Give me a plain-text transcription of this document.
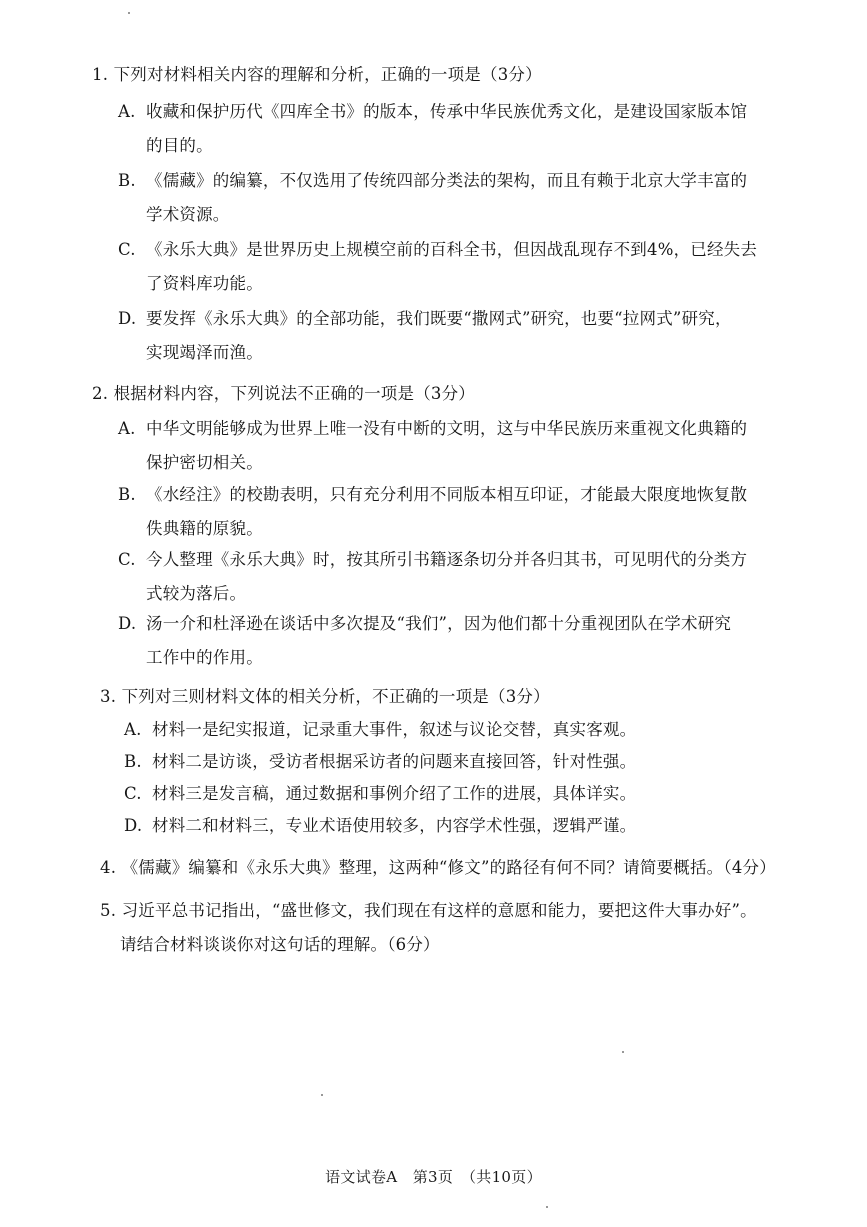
1. 下列对材料相关内容的理解和分析，正确的一项是（3分）
A. 收藏和保护历代《四库全书》的版本，传承中华民族优秀文化，是建设国家版本馆
的目的。
B. 《儒藏》的编纂，不仅选用了传统四部分类法的架构，而且有赖于北京大学丰富的
学术资源。
C. 《永乐大典》是世界历史上规模空前的百科全书，但因战乱现存不到4%，已经失去
了资料库功能。
D. 要发挥《永乐大典》的全部功能，我们既要“撒网式”研究，也要“拉网式”研究，
实现竭泽而渔。
2. 根据材料内容，下列说法不正确的一项是（3分）
A. 中华文明能够成为世界上唯一没有中断的文明，这与中华民族历来重视文化典籍的
保护密切相关。
B. 《水经注》的校勘表明，只有充分利用不同版本相互印证，才能最大限度地恢复散
佚典籍的原貌。
C. 今人整理《永乐大典》时，按其所引书籍逐条切分并各归其书，可见明代的分类方
式较为落后。
D. 汤一介和杜泽逊在谈话中多次提及“我们”，因为他们都十分重视团队在学术研究
工作中的作用。
3. 下列对三则材料文体的相关分析，不正确的一项是（3分）
A. 材料一是纪实报道，记录重大事件，叙述与议论交替，真实客观。
B. 材料二是访谈，受访者根据采访者的问题来直接回答，针对性强。
C. 材料三是发言稿，通过数据和事例介绍了工作的进展，具体详实。
D. 材料二和材料三，专业术语使用较多，内容学术性强，逻辑严谨。
4. 《儒藏》编纂和《永乐大典》整理，这两种“修文”的路径有何不同？请简要概括。（4分）
5. 习近平总书记指出，“盛世修文，我们现在有这样的意愿和能力，要把这件大事办好”。
请结合材料谈谈你对这句话的理解。（6分）
语文试卷A　第3页　（共10页）
